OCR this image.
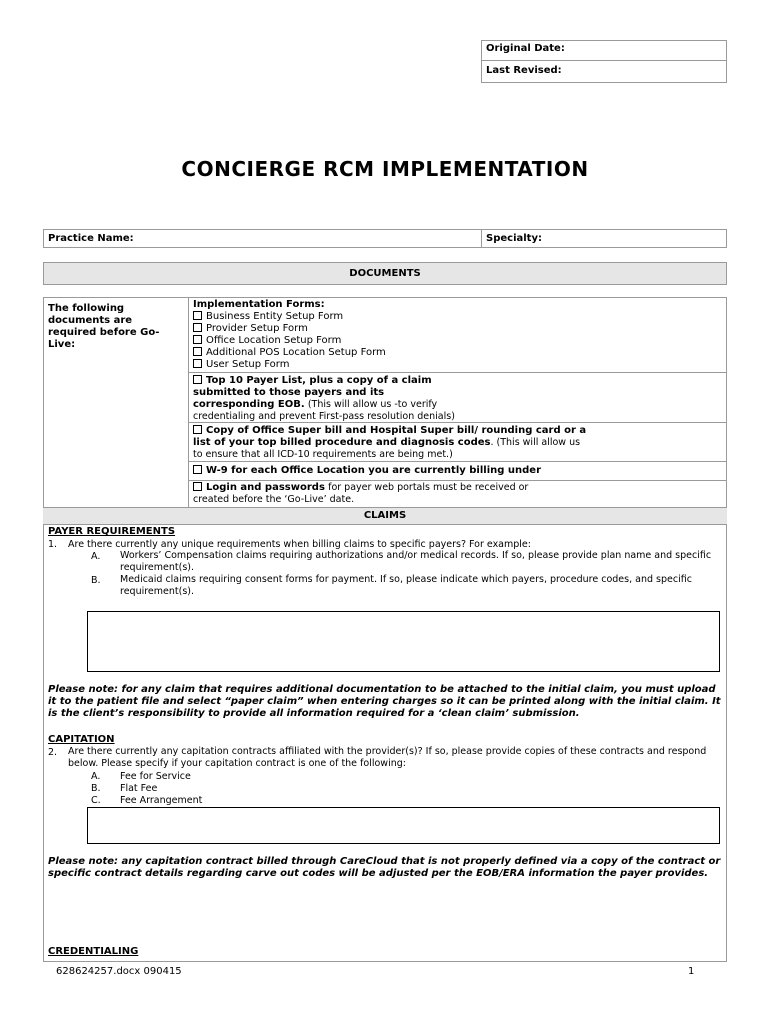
Original Date:
Last Revised:
CONCIERGE RCM IMPLEMENTATION
Practice Name:	Specialty:
DOCUMENTS
The following documents are required before Go-Live:
Implementation Forms:
Business Entity Setup Form
Provider Setup Form
Office Location Setup Form
Additional POS Location Setup Form
User Setup Form
Top 10 Payer List, plus a copy of a claim submitted to those payers and its corresponding EOB. (This will allow us -to verify credentialing and prevent First-pass resolution denials)
Copy of Office Super bill and Hospital Super bill/ rounding card or a list of your top billed procedure and diagnosis codes. (This will allow us to ensure that all ICD-10 requirements are being met.)
W-9 for each Office Location you are currently billing under
Login and passwords for payer web portals must be received or created before the ‘Go-Live’ date.
CLAIMS
PAYER REQUIREMENTS
1. Are there currently any unique requirements when billing claims to specific payers? For example:
A. Workers’ Compensation claims requiring authorizations and/or medical records. If so, please provide plan name and specific requirement(s).
B. Medicaid claims requiring consent forms for payment. If so, please indicate which payers, procedure codes, and specific requirement(s).
Please note: for any claim that requires additional documentation to be attached to the initial claim, you must upload it to the patient file and select “paper claim” when entering charges so it can be printed along with the initial claim. It is the client’s responsibility to provide all information required for a ‘clean claim’ submission.
CAPITATION
2. Are there currently any capitation contracts affiliated with the provider(s)? If so, please provide copies of these contracts and respond below. Please specify if your capitation contract is one of the following:
A. Fee for Service
B. Flat Fee
C. Fee Arrangement
Please note: any capitation contract billed through CareCloud that is not properly defined via a copy of the contract or specific contract details regarding carve out codes will be adjusted per the EOB/ERA information the payer provides.
CREDENTIALING
628624257.docx 090415	1
